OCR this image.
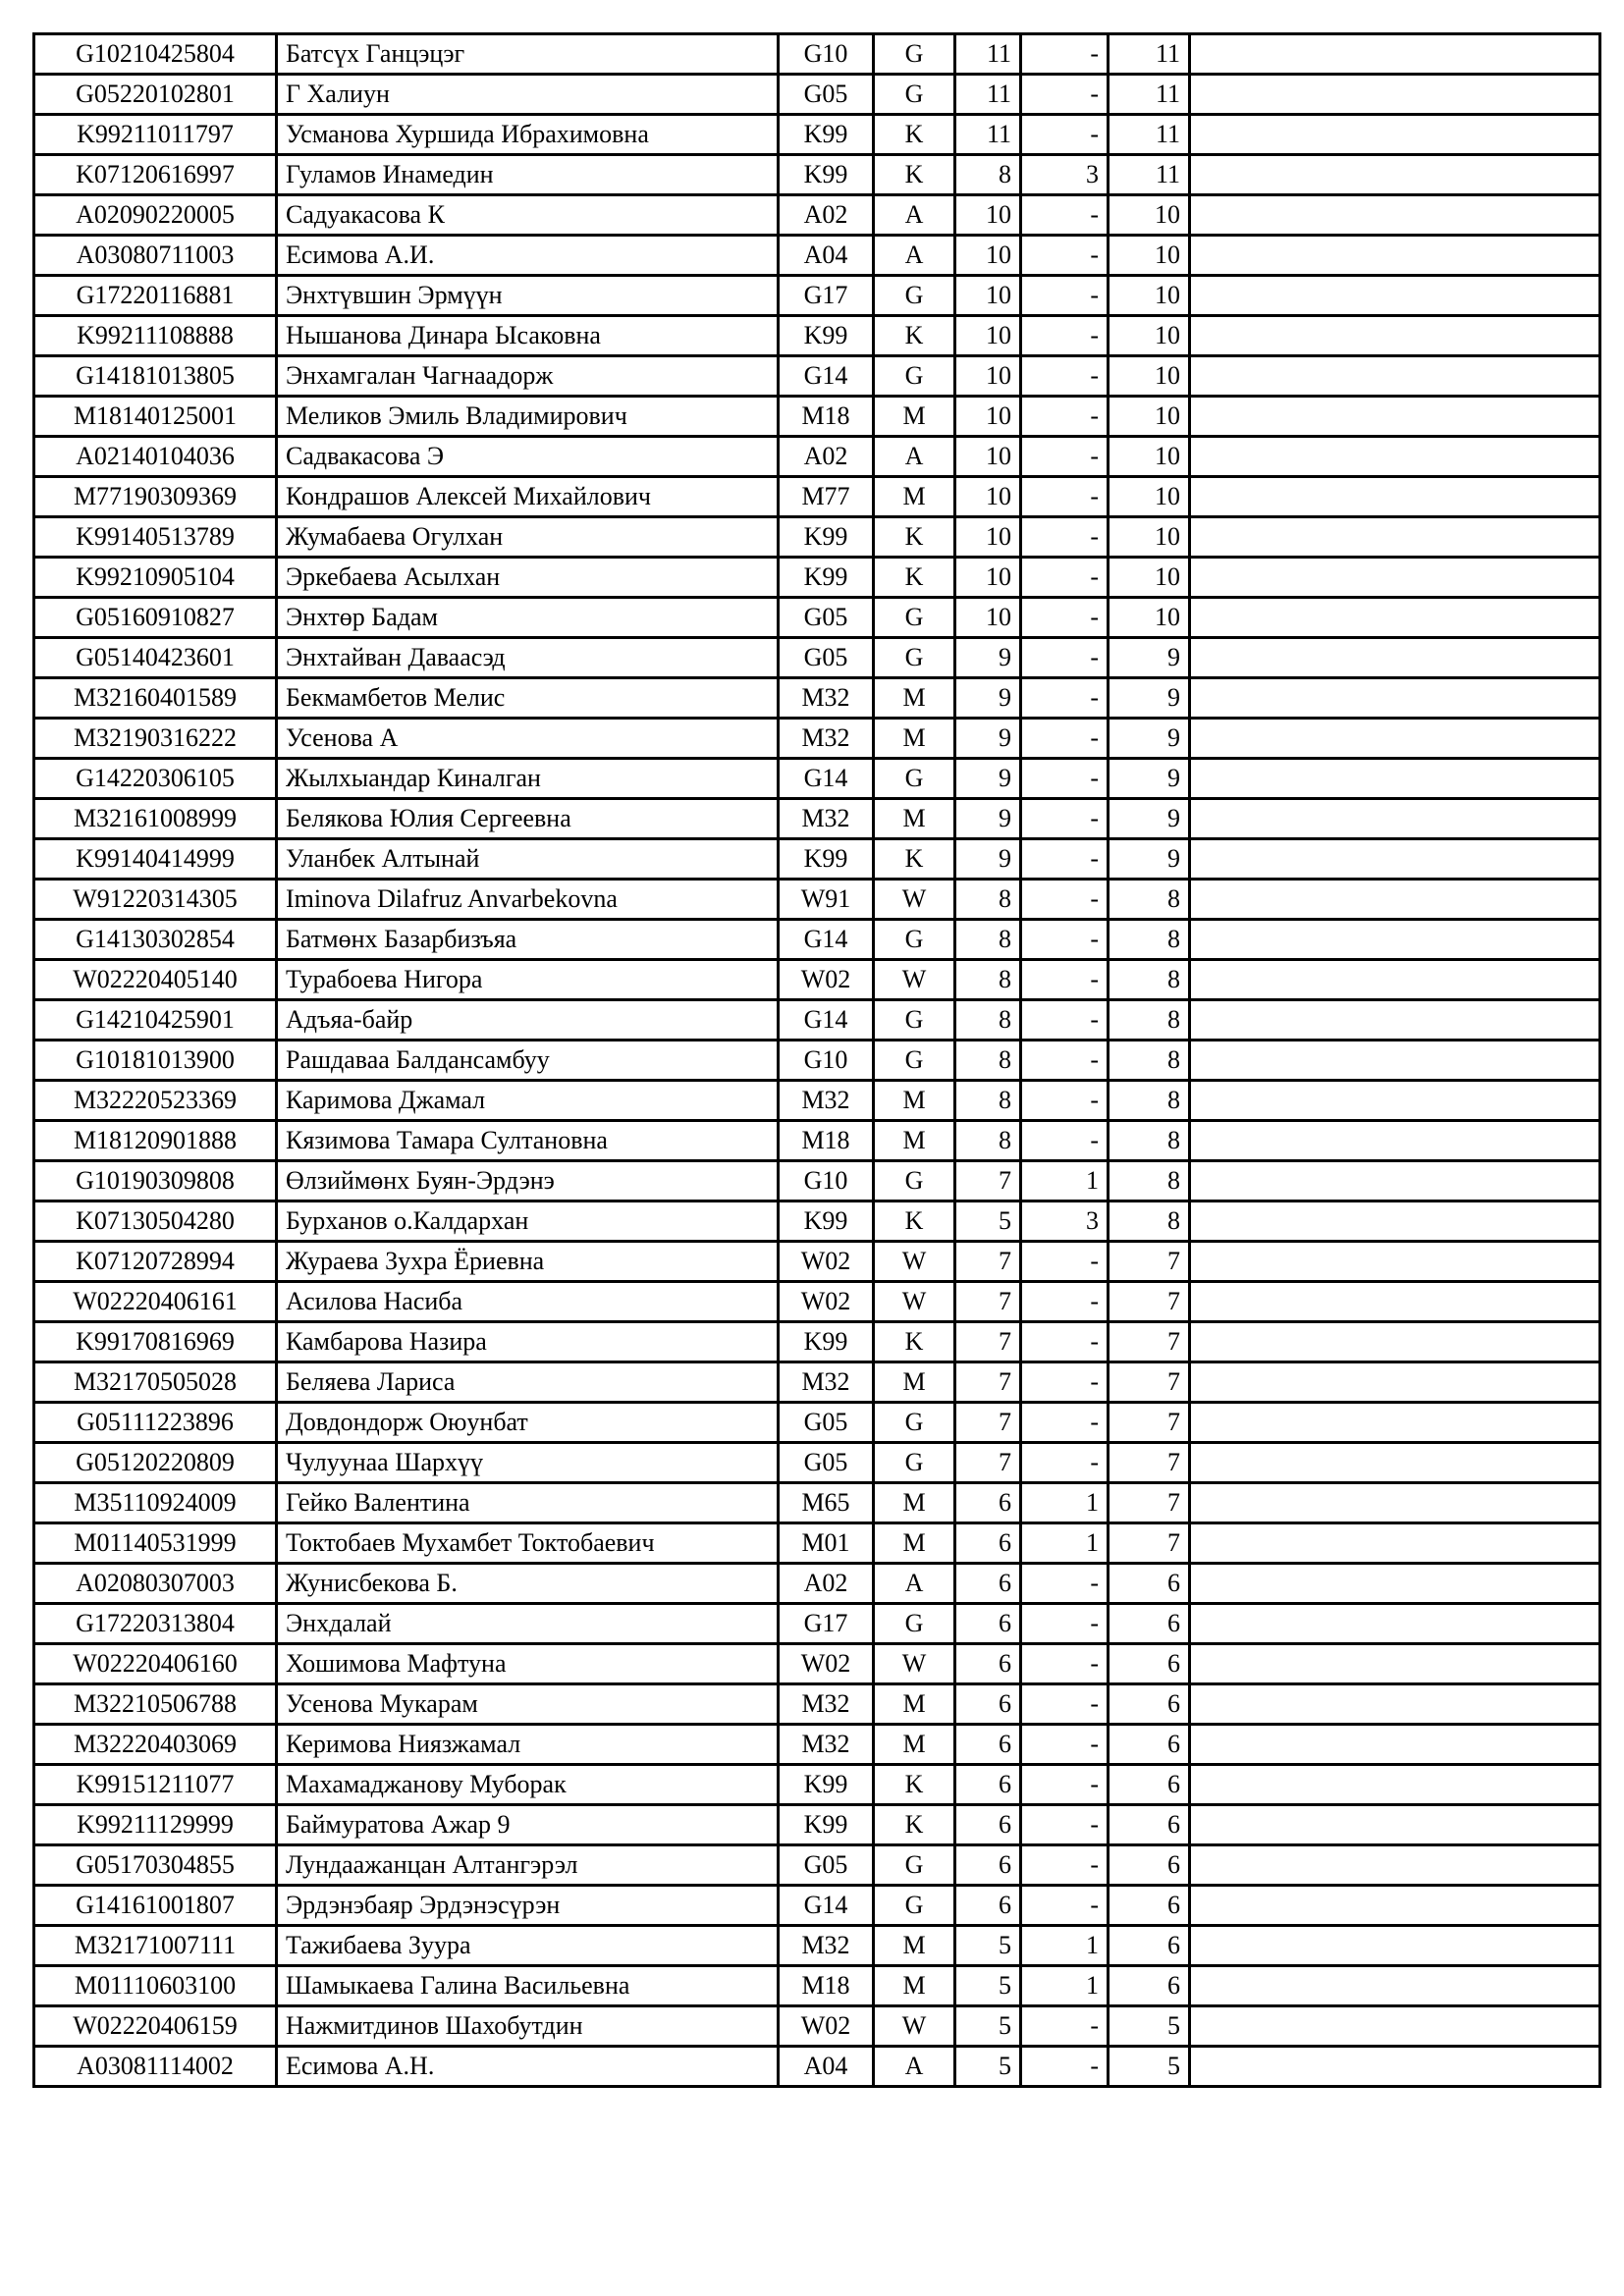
G10210425804	Батсүх Ганцэцэг	G10	G	11	-	11	
G05220102801	Г Халиун	G05	G	11	-	11	
K99211011797	Усманова Хуршида Ибрахимовна	K99	K	11	-	11	
K07120616997	Гуламов Инамедин	K99	K	8	3	11	
A02090220005	Садуакасова К	A02	A	10	-	10	
A03080711003	Есимова А.И.	A04	A	10	-	10	
G17220116881	Энхтүвшин Эрмүүн	G17	G	10	-	10	
K99211108888	Нышанова Динара Ысаковна	K99	K	10	-	10	
G14181013805	Энхамгалан Чагнаадорж	G14	G	10	-	10	
M18140125001	Меликов Эмиль Владимирович	M18	M	10	-	10	
A02140104036	Садвакасова Э	A02	A	10	-	10	
M77190309369	Кондрашов Алексей Михайлович	M77	M	10	-	10	
K99140513789	Жумабаева Огулхан	K99	K	10	-	10	
K99210905104	Эркебаева Асылхан	K99	K	10	-	10	
G05160910827	Энхтөр Бадам	G05	G	10	-	10	
G05140423601	Энхтайван Даваасэд	G05	G	9	-	9	
M32160401589	Бекмамбетов Мелис	M32	M	9	-	9	
M32190316222	Усенова А	M32	M	9	-	9	
G14220306105	Жылхыандар Киналган	G14	G	9	-	9	
M32161008999	Белякова Юлия Сергеевна	M32	M	9	-	9	
K99140414999	Уланбек Алтынай	K99	K	9	-	9	
W91220314305	Iminova Dilafruz Anvarbekovna	W91	W	8	-	8	
G14130302854	Батмөнх Базарбизъяа	G14	G	8	-	8	
W02220405140	Турабоева Нигора	W02	W	8	-	8	
G14210425901	Адъяа-байр	G14	G	8	-	8	
G10181013900	Рашдаваа Балдансамбуу	G10	G	8	-	8	
M32220523369	Каримова Джамал	M32	M	8	-	8	
M18120901888	Кязимова Тамара Султановна	M18	M	8	-	8	
G10190309808	Өлзиймөнх Буян-Эрдэнэ	G10	G	7	1	8	
K07130504280	Бурханов о.Калдархан	K99	K	5	3	8	
K07120728994	Жураева Зухра Ёриевна	W02	W	7	-	7	
W02220406161	Асилова Насиба	W02	W	7	-	7	
K99170816969	Камбарова Назира	K99	K	7	-	7	
M32170505028	Беляева Лариса	M32	M	7	-	7	
G05111223896	Довдондорж Оюунбат	G05	G	7	-	7	
G05120220809	Чулуунаа Шархүү	G05	G	7	-	7	
M35110924009	Гейко Валентина	M65	M	6	1	7	
M01140531999	Токтобаев Мухамбет Токтобаевич	M01	M	6	1	7	
A02080307003	Жунисбекова Б.	A02	A	6	-	6	
G17220313804	Энхдалай	G17	G	6	-	6	
W02220406160	Хошимова Мафтуна	W02	W	6	-	6	
M32210506788	Усенова Мукарам	M32	M	6	-	6	
M32220403069	Керимова Ниязжамал	M32	M	6	-	6	
K99151211077	Махамаджанову Муборак	K99	K	6	-	6	
K99211129999	Баймуратова Ажар 9	K99	K	6	-	6	
G05170304855	Лундаажанцан Алтангэрэл	G05	G	6	-	6	
G14161001807	Эрдэнэбаяр Эрдэнэсүрэн	G14	G	6	-	6	
M32171007111	Тажибаева Зуура	M32	M	5	1	6	
M01110603100	Шамыкаева Галина Васильевна	M18	M	5	1	6	
W02220406159	Нажмитдинов Шахобутдин	W02	W	5	-	5	
A03081114002	Есимова А.Н.	A04	A	5	-	5	
